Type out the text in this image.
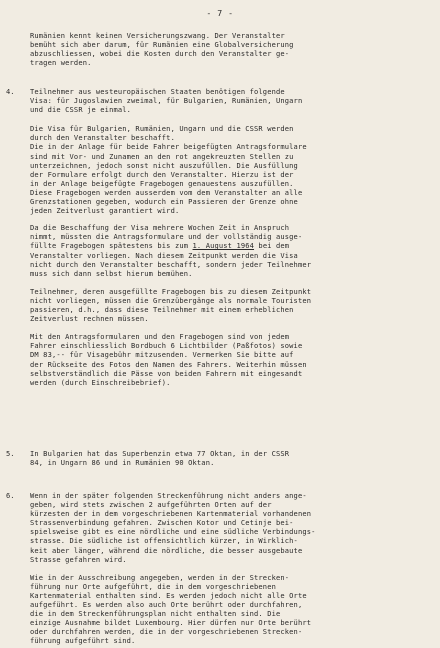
- 7 -
Rumänien kennt keinen Versicherungszwang. Der Veranstalter
bemüht sich aber darum, für Rumänien eine Globalversicherung
abzuschliessen, wobei die Kosten durch den Veranstalter ge-
tragen werden.
4. Teilnehmer aus westeuropäischen Staaten benötigen folgende
Visa: für Jugoslawien zweimal, für Bulgarien, Rumänien, Ungarn
und die CSSR je einmal.
Die Visa für Bulgarien, Rumänien, Ungarn und die CSSR werden
durch den Veranstalter beschafft.
Die in der Anlage für beide Fahrer beigefügten Antragsformulare
sind mit Vor- und Zunamen an den rot angekreuzten Stellen zu
unterzeichnen, jedoch sonst nicht auszufüllen. Die Ausfüllung
der Formulare erfolgt durch den Veranstalter. Hierzu ist der
in der Anlage beigefügte Fragebogen genauestens auszufüllen.
Diese Fragebogen werden ausserdem vom dem Veranstalter an alle
Grenzstationen gegeben, wodurch ein Passieren der Grenze ohne
jeden Zeitverlust garantiert wird.
Da die Beschaffung der Visa mehrere Wochen Zeit in Anspruch
nimmt, müssten die Antragsformulare und der vollständig ausge-
füllte Fragebogen spätestens bis zum 1. August 1964 bei dem
Veranstalter vorliegen. Nach diesem Zeitpunkt werden die Visa
nicht durch den Veranstalter beschafft, sondern jeder Teilnehmer
muss sich dann selbst hierum bemühen.
Teilnehmer, deren ausgefüllte Fragebogen bis zu diesem Zeitpunkt
nicht vorliegen, müssen die Grenzübergänge als normale Touristen
passieren, d.h., dass diese Teilnehmer mit einem erheblichen
Zeitverlust rechnen müssen.
Mit den Antragsformularen und den Fragebogen sind von jedem
Fahrer einschliesslich Bordbuch 6 Lichtbilder (Paßfotos) sowie
DM 83,-- für Visagebühr mitzusenden. Vermerken Sie bitte auf
der Rückseite des Fotos den Namen des Fahrers. Weiterhin müssen
selbstverständlich die Pässe von beiden Fahrern mit eingesandt
werden (durch Einschreibebrief).
5. In Bulgarien hat das Superbenzin etwa 77 Oktan, in der CSSR
84, in Ungarn 86 und in Rumänien 90 Oktan.
6. Wenn in der später folgenden Streckenführung nicht anders ange-
geben, wird stets zwischen 2 aufgeführten Orten auf der
kürzesten der in dem vorgeschriebenen Kartenmaterial vorhandenen
Strassenverbindung gefahren. Zwischen Kotor und Cetinje bei-
spielsweise gibt es eine nördliche und eine südliche Verbindungs-
strasse. Die südliche ist offensichtlich kürzer, in Wirklich-
keit aber länger, während die nördliche, die besser ausgebaute
Strasse gefahren wird.
Wie in der Ausschreibung angegeben, werden in der Strecken-
führung nur Orte aufgeführt, die in dem vorgeschriebenen
Kartenmaterial enthalten sind. Es werden jedoch nicht alle Orte
aufgeführt. Es werden also auch Orte berührt oder durchfahren,
die in dem Streckenführungsplan nicht enthalten sind. Die
einzige Ausnahme bildet Luxembourg. Hier dürfen nur Orte berührt
oder durchfahren werden, die in der vorgeschriebenen Strecken-
führung aufgeführt sind.
